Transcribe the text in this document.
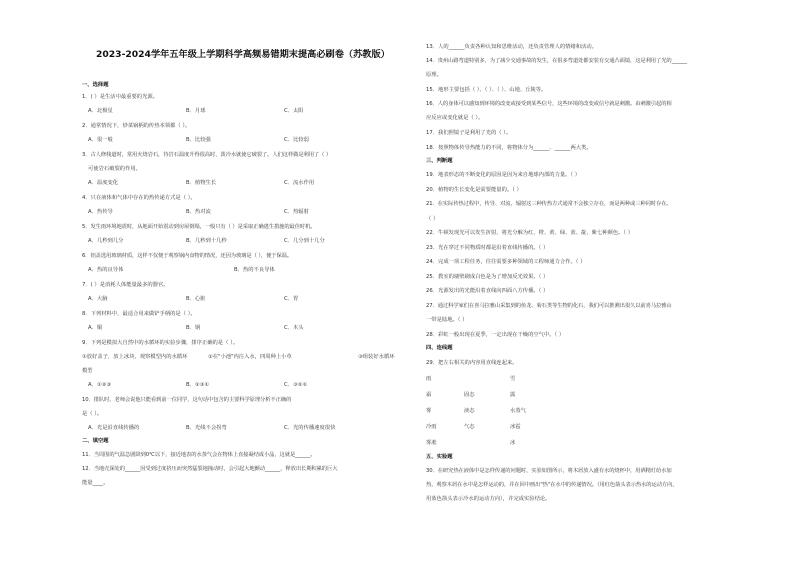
2023-2024学年五年级上学期科学高频易错期末提高必刷卷（苏教版）
一、选择题
1．( ）是生活中最重要的光源。
A．北极星	B．月球	C．太阳
2．通常情况下，炒菜锅柄的传热本领都（ ）。
A．很一般	B．比较强	C．比较弱
3．古人修栈道时，常用火烧岩石，待岩石温度升得很高时，泼冷水就使它破裂了。人们这样做是利用了（ ）
可使岩石破裂的作用。
A．温度变化	B．植物生长	C．流水作用
4．只在液体和气体中存在的热传递方式是（ ）。
A．热传导	B．热对流	C．热辐射
5．发生雨环境地震时，从地面开始震动到房屋倒塌，一般只有（ ）是采取正确逃生措施的最佳时机。
A．几秒到几分	B．几秒到十几秒	C．几分到十几分
6．铝盖选用玻璃材质，这样不仅便于观察锅内食物的情况，还因为玻璃是（ ），便于保温。
A．热的良导体	B．热的不良导体
7．( ）是消耗人体能量最多的器官。
A．大脑	B．心脏	C．胃
8．下列材料中，最适合用来做铲手柄的是（ ）。
A．铜	B．钢	C．木头
9．下列是模拟大自然中的水循环的实验步骤，排序正确的是（ ）。
①放好盖子，放上冰块，观察模型内的水循环	②在"小池"内注入水，四周种上小草	③组装好水循环
模型
A．①②③	B．②③①	C．③②①
10．排队时，老师会说他只能看到前一位同学，这句话中包含的主要科学原理分析不正确的
是（ ）。
A．光是沿直线传播的	B．光线不会拐弯	C．光的传播速度很快
二、填空题
11．当周围的气温急剧降到0℃以下，接近地表的水蒸气会在物体上直接凝结成小晶，这就是______。
12．当地壳深处的______因受到过度挤压而突然猛裂地撞动时，会引起大地颤动______，释放出长期积累的巨大
能量____。
13．人的______负责各种认知和思维活动，还负责管理人的情绪和活动。
14．贵州山路弯道特别多，为了减少交通事故的发生，在很多弯道处都安装有交通凸面镜，这是利用了光的______
原理。
15．地形主要包括（ ）、（ ）、（ ）、山地、丘陵等。
16．人的身体可以感知到环境的改变或接受到某些信号，这些环境的改变或信号就是刺激。由刺激引起的相
应反应或变化就是（ ）。
17．我们照镜子是利用了光的（ ）。
18．按照物体传导热能力的不同，将物体分为______、______两大类。
三、判断题
19．地表形态的不断变化的原因是因为来自地球内部的力量。（ ）
20．植物的生长变化是需要能量的。（ ）
21．在实际传热过程中，传导、对流、辐射这三种传热方式通常不会独立存在，而是两种或三种同时存在。
（ ）
22．牛顿发现光可以发生折射，将光分解为红、橙、黄、绿、蓝、靛、紫七种颜色。（ ）
23．光在穿过不同物质时都是沿着直线传播的。（ ）
24．完成一项工程任务，往往需要多种领域的工程师通力合作。（ ）
25．教室的墙壁刷成白色是为了增加反光效果。（ ）
26．光源发出的光能沿着直线向四面八方传播。（ ）
27．通过科学家们在喜马拉雅山采集到的鱼龙、菊石类等生物的化石，我们可以推测出很久以前喜马拉雅山
一带是陆地。（ ）
28．彩虹一般出现在夏季，一定出现在干燥的空气中。（ ）
四、连线题
29．把左右相关的内容用直线连起来。
雨	雪
霜	固态	露
雾	液态	水蒸气
冷雨	气态	冰雹
雾凇	冰
五、实验题
30．在研究热在液体中是怎样传递的问题时，实验如图所示，将木屑放入盛有水的烧杯中，用酒精灯给水加
热，观察木屑在水中是怎样运动的，并在回中画出"热"在水中的传递情况。（用红色箭头表示热水的运动方向，
用蓝色箭头表示冷水的运动方向），并完成实验结论。
